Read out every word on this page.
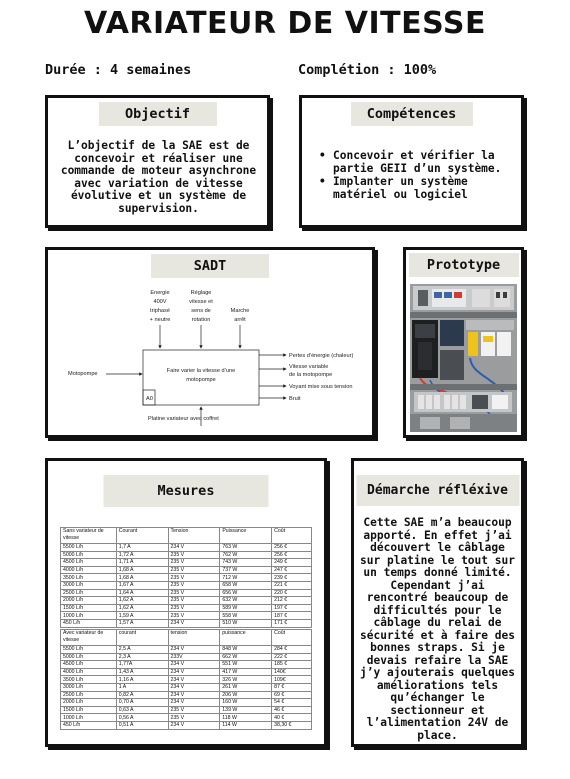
VARIATEUR DE VITESSE
Durée : 4 semaines	Complétion : 100%
Objectif
L’objectif de la SAE est de concevoir et réaliser une commande de moteur asynchrone avec variation de vitesse évolutive et un système de supervision.
Compétences
• Concevoir et vérifier la partie GEII d’un système.
• Implanter un système matériel ou logiciel
SADT
Energie
400V
triphasé
+ neutre
Réglage
vitesse et
sens de
rotation
Marche
arrêt
A0
Faire varier la vitesse d’une
motopompe
Motopompe
Pertes d’énergie (chaleur)
Vitesse variable
de la motopompe
Voyant mise sous tension
Bruit
Platine variateur avec coffret
Prototype
Mesures
Sans variateur de vitesse	Courant	Tension	Puissance	Coût
5500 L/h	1,7 A	234 V	763 W	256 €
5000 L/h	1,72 A	235 V	762 W	256 €
4500 L/h	1,71 A	235 V	743 W	249 €
4000 L/h	1,68 A	235 V	737 W	247 €
3500 L/h	1,68 A	235 V	712 W	239 €
3000 L/h	1,67 A	235 V	658 W	221 €
2500 L/h	1,64 A	235 V	656 W	220 €
2000 L/h	1,62 A	235 V	632 W	212 €
1500 L/h	1,62 A	235 V	589 W	197 €
1000 L/h	1,59 A	235 V	558 W	187 €
450 L/h	1,57 A	234 V	510 W	171 €
Avec variateur de vitesse	courant	tension	puissance	Coût
5500 L/h	2,5 A	234 V	848 W	284 €
5000 L/h	2,3 A	233V	662 W	222 €
4500 L/h	1,77A	234 V	551 W	185 €
4000 L/h	1,43 A	234 V	417 W	140€
3500 L/h	1,16 A	234 V	326 W	109€
3000 L/h	1 A	234 V	261 W	87 €
2500 L/h	0,82 A	234 V	206 W	69 €
2000 L/h	0,70 A	234 V	160 W	54 €
1500 L/h	0,63 A	235 V	139 W	46 €
1000 L/h	0,56 A	235 V	118 W	40 €
450 L/h	0,51 A	234 V	114 W	38,30 €
Démarche réfléxive
Cette SAE m’a beaucoup apporté. En effet j’ai découvert le câblage sur platine le tout sur un temps donné limité. Cependant j’ai rencontré beaucoup de difficultés pour le câblage du relai de sécurité et à faire des bonnes straps. Si je devais refaire la SAE j’y ajouterais quelques améliorations tels qu’échanger le sectionneur et l’alimentation 24V de place.
